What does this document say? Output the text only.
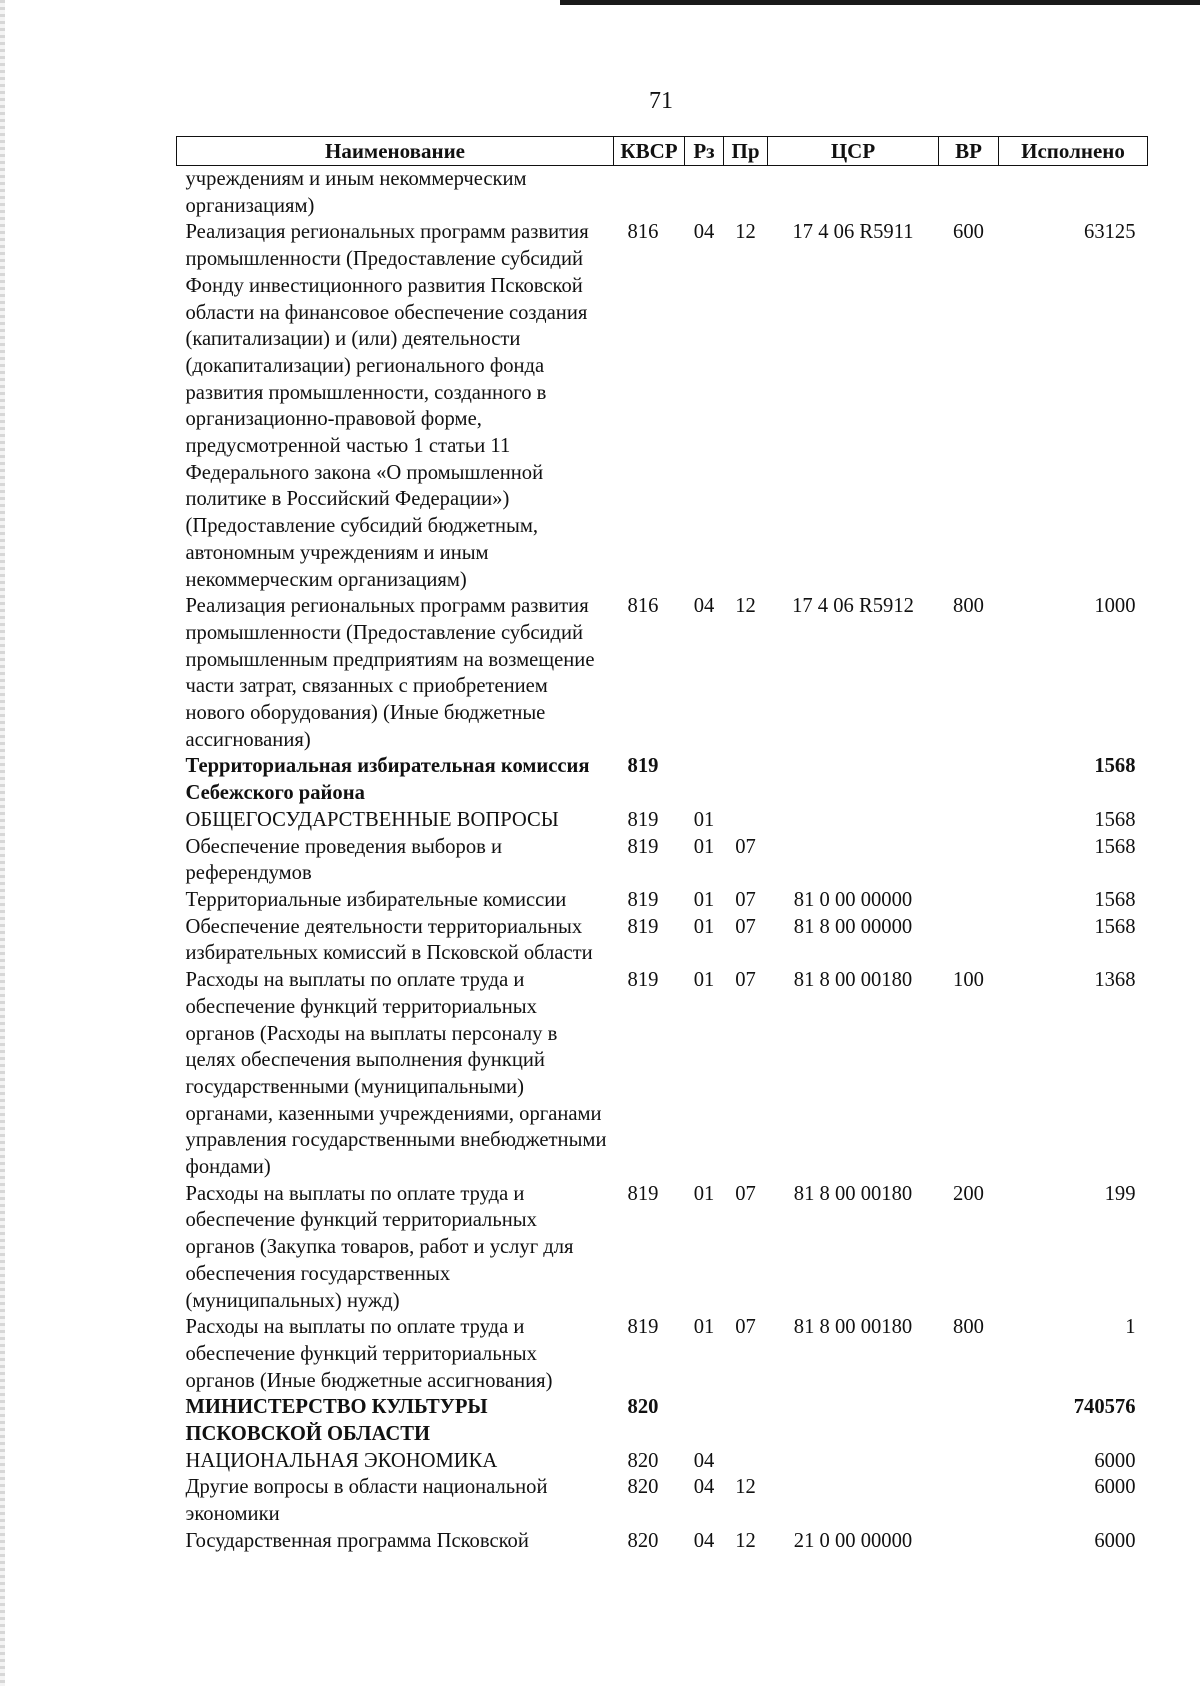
71
Наименование	КВСР	Рз	Пр	ЦСР	ВР	Исполнено
учреждениям и иным некоммерческим организациям)						
Реализация региональных программ развития промышленности (Предоставление субсидий Фонду инвестиционного развития Псковской области на финансовое обеспечение создания (капитализации) и (или) деятельности (докапитализации) регионального фонда развития промышленности, созданного в организационно-правовой форме, предусмотренной частью 1 статьи 11 Федерального закона «О промышленной политике в Российский Федерации») (Предоставление субсидий бюджетным, автономным учреждениям и иным некоммерческим организациям)	816	04	12	17 4 06 R5911	600	63125
Реализация региональных программ развития промышленности (Предоставление субсидий промышленным предприятиям на возмещение части затрат, связанных с приобретением нового оборудования) (Иные бюджетные ассигнования)	816	04	12	17 4 06 R5912	800	1000
Территориальная избирательная комиссия Себежского района	819					1568
ОБЩЕГОСУДАРСТВЕННЫЕ ВОПРОСЫ	819	01				1568
Обеспечение проведения выборов и референдумов	819	01	07			1568
Территориальные избирательные комиссии	819	01	07	81 0 00 00000		1568
Обеспечение деятельности территориальных избирательных комиссий в Псковской области	819	01	07	81 8 00 00000		1568
Расходы на выплаты по оплате труда и обеспечение функций территориальных органов (Расходы на выплаты персоналу в целях обеспечения выполнения функций государственными (муниципальными) органами, казенными учреждениями, органами управления государственными внебюджетными фондами)	819	01	07	81 8 00 00180	100	1368
Расходы на выплаты по оплате труда и обеспечение функций территориальных органов (Закупка товаров, работ и услуг для обеспечения государственных (муниципальных) нужд)	819	01	07	81 8 00 00180	200	199
Расходы на выплаты по оплате труда и обеспечение функций территориальных органов (Иные бюджетные ассигнования)	819	01	07	81 8 00 00180	800	1
МИНИСТЕРСТВО КУЛЬТУРЫ ПСКОВСКОЙ ОБЛАСТИ	820					740576
НАЦИОНАЛЬНАЯ ЭКОНОМИКА	820	04				6000
Другие вопросы в области национальной экономики	820	04	12			6000
Государственная программа Псковской	820	04	12	21 0 00 00000		6000
